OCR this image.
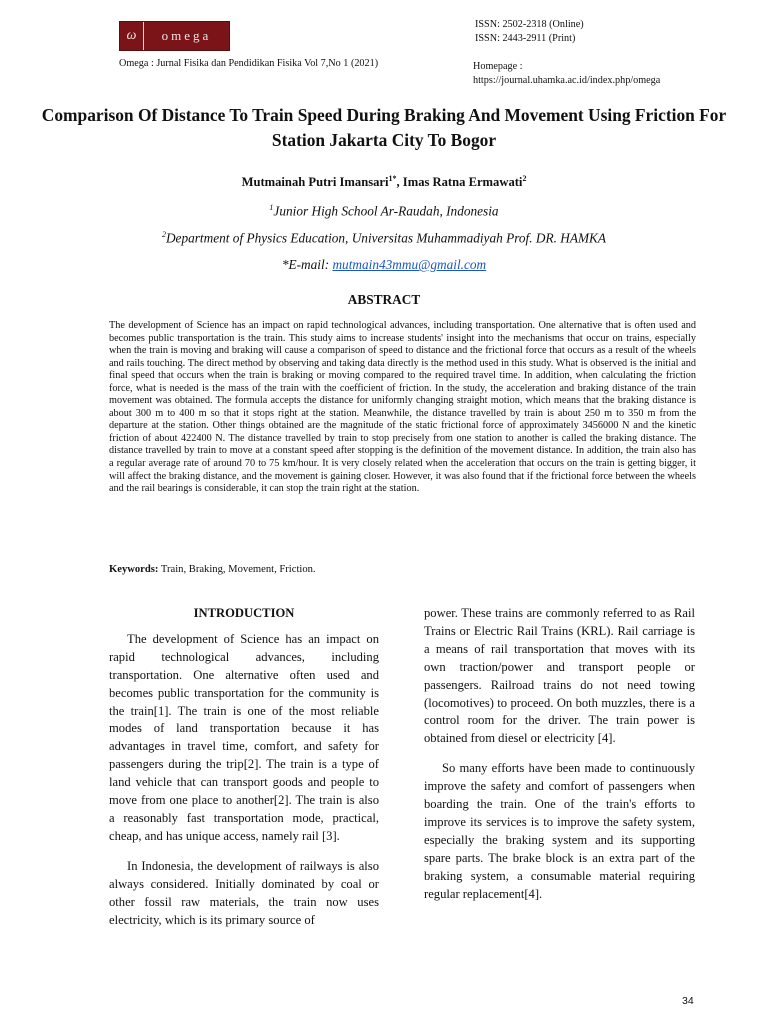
ω	omega
Omega : Jurnal Fisika dan Pendidikan Fisika Vol 7,No 1 (2021)
ISSN: 2502-2318 (Online)
ISSN: 2443-2911 (Print)
Homepage :
https://journal.uhamka.ac.id/index.php/omega
Comparison Of Distance To Train Speed During Braking And Movement Using Friction For Station Jakarta City To Bogor
Mutmainah Putri Imansari$^{1*}$, Imas Ratna Ermawati$^2$
$^1$Junior High School Ar-Raudah, Indonesia
$^2$Department of Physics Education, Universitas Muhammadiyah Prof. DR. HAMKA
*E-mail: mutmain43mmu@gmail.com
ABSTRACT
The development of Science has an impact on rapid technological advances, including transportation. One alternative that is often used and becomes public transportation is the train. This study aims to increase students' insight into the mechanisms that occur on trains, especially when the train is moving and braking will cause a comparison of speed to distance and the frictional force that occurs as a result of the wheels and rails touching. The direct method by observing and taking data directly is the method used in this study. What is observed is the initial and final speed that occurs when the train is braking or moving compared to the required travel time. In addition, when calculating the friction force, what is needed is the mass of the train with the coefficient of friction. In the study, the acceleration and braking distance of the train movement was obtained. The formula accepts the distance for uniformly changing straight motion, which means that the braking distance is about 300 m to 400 m so that it stops right at the station. Meanwhile, the distance travelled by train is about 250 m to 350 m from the departure at the station. Other things obtained are the magnitude of the static frictional force of approximately 3456000 N and the kinetic friction of about 422400 N. The distance travelled by train to stop precisely from one station to another is called the braking distance. The distance travelled by train to move at a constant speed after stopping is the definition of the movement distance. In addition, the train also has a regular average rate of around 70 to 75 km/hour. It is very closely related when the acceleration that occurs on the train is getting bigger, it will affect the braking distance, and the movement is gaining closer. However, it was also found that if the frictional force between the wheels and the rail bearings is considerable, it can stop the train right at the station.
Keywords: Train, Braking, Movement, Friction.
INTRODUCTION

The development of Science has an impact on rapid technological advances, including transportation. One alternative often used and becomes public transportation for the community is the train[1]. The train is one of the most reliable modes of land transportation because it has advantages in travel time, comfort, and safety for passengers during the trip[2]. The train is a type of land vehicle that can transport goods and people to move from one place to another[2]. The train is also a reasonably fast transportation mode, practical, cheap, and has unique access, namely rail [3].

In Indonesia, the development of railways is also always considered. Initially dominated by coal or other fossil raw materials, the train now uses electricity, which is its primary source of

power. These trains are commonly referred to as Rail Trains or Electric Rail Trains (KRL). Rail carriage is a means of rail transportation that moves with its own traction/power and transport people or passengers. Railroad trains do not need towing (locomotives) to proceed. On both muzzles, there is a control room for the driver. The train power is obtained from diesel or electricity [4].

So many efforts have been made to continuously improve the safety and comfort of passengers when boarding the train. One of the train's efforts to improve its services is to improve the safety system, especially the braking system and its supporting spare parts. The brake block is an extra part of the braking system, a consumable material requiring regular replacement[4].

34
